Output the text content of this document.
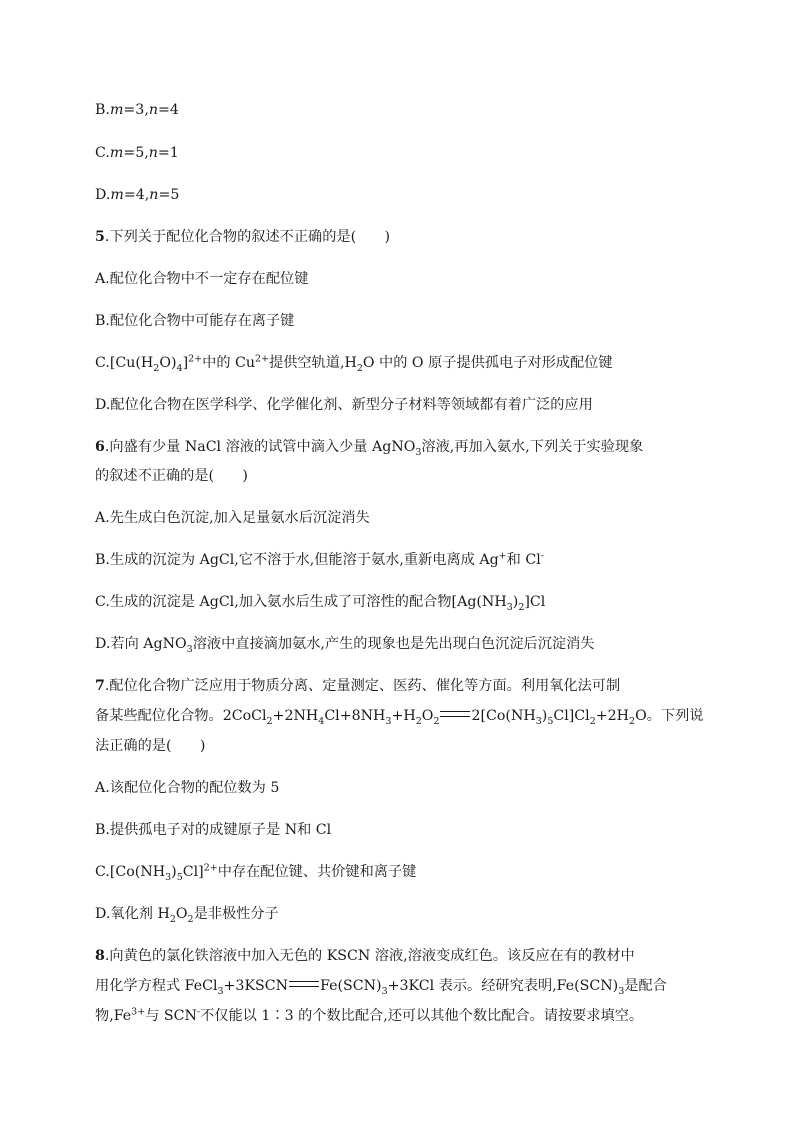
B.m=3,n=4
C.m=5,n=1
D.m=4,n=5
5.下列关于配位化合物的叙述不正确的是(　　)
A.配位化合物中不一定存在配位键
B.配位化合物中可能存在离子键
$C.[Cu(H_2O)_4]^{2+}$中的 $Cu^{2+}$提供空轨道$,H_2O$ 中的 O 原子提供孤电子对形成配位键
D.配位化合物在医学科学、化学催化剂、新型分子材料等领域都有着广泛的应用
6.向盛有少量 NaCl 溶液的试管中滴入少量 AgNO$_3$溶液,再加入氨水,下列关于实验现象
的叙述不正确的是(　　)
A.先生成白色沉淀,加入足量氨水后沉淀消失
B.生成的沉淀为 AgCl,它不溶于水,但能溶于氨水,重新电离成 Ag+和 Cl-
C.生成的沉淀是 AgCl,加入氨水后生成了可溶性的配合物$[Ag(NH_3)_2]Cl$
D.若向 AgNO$_3$溶液中直接滴加氨水,产生的现象也是先出现白色沉淀后沉淀消失
7.配位化合物广泛应用于物质分离、定量测定、医药、催化等方面。利用氧化法可制
备某些配位化合物。$2CoCl_2+2NH_4Cl+8NH_3+H_2O_2$ $2[Co(NH_3)_5Cl]Cl_2+2H_2O$。下列说
法正确的是(　　)
A.该配位化合物的配位数为 5
B.提供孤电子对的成键原子是 N和 Cl
$C.[Co(NH_3)_5Cl]^{2+}$中存在配位键、共价键和离子键
D.氧化剂 $H_2O_2$是非极性分子
8.向黄色的氯化铁溶液中加入无色的 KSCN 溶液,溶液变成红色。该反应在有的教材中
用化学方程式 FeCl$_3$+3KSCN $Fe(SCN)_3+3KCl$ 表示。经研究表明$,Fe(SCN)_3$是配合
物$,Fe^{3+}$与 SCN-不仅能以 1∶3 的个数比配合,还可以其他个数比配合。请按要求填空。
